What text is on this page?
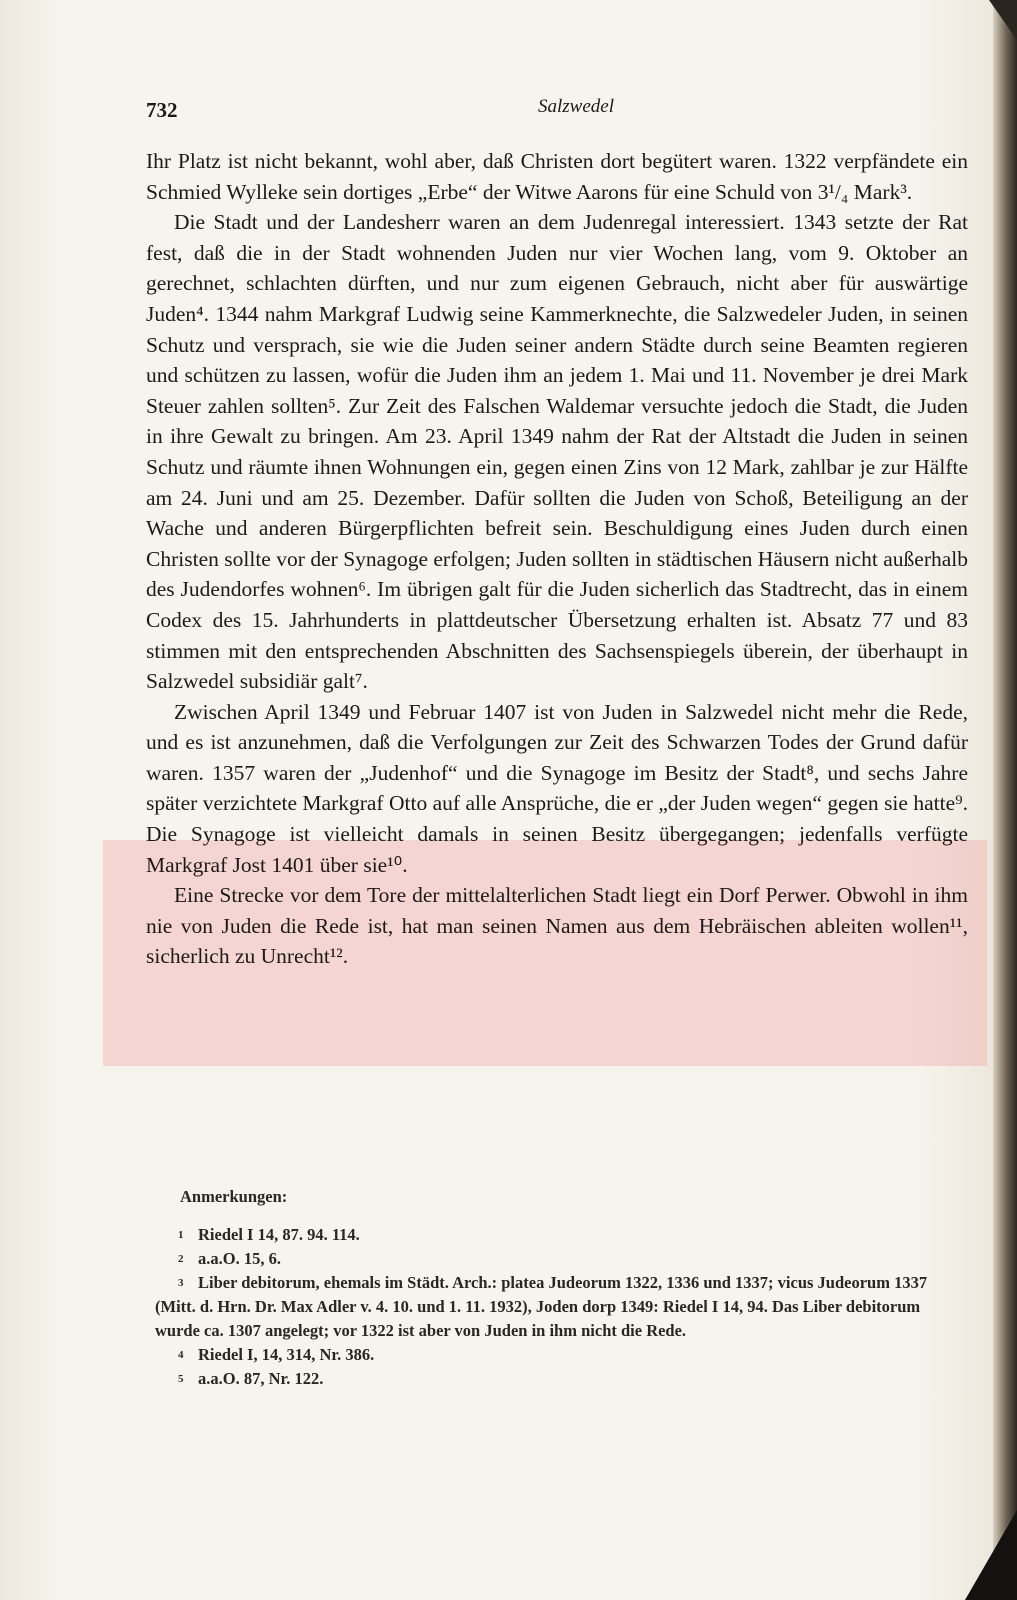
732	Salzwedel

Ihr Platz ist nicht bekannt, wohl aber, daß Christen dort begütert waren. 1322 verpfändete ein Schmied Wylleke sein dortiges „Erbe“ der Witwe Aarons für eine Schuld von 3¹/₄ Mark³.

Die Stadt und der Landesherr waren an dem Judenregal interessiert. 1343 setzte der Rat fest, daß die in der Stadt wohnenden Juden nur vier Wochen lang, vom 9. Oktober an gerechnet, schlachten dürften, und nur zum eigenen Gebrauch, nicht aber für auswärtige Juden⁴. 1344 nahm Markgraf Ludwig seine Kammerknechte, die Salzwedeler Juden, in seinen Schutz und versprach, sie wie die Juden seiner andern Städte durch seine Beamten regieren und schützen zu lassen, wofür die Juden ihm an jedem 1. Mai und 11. November je drei Mark Steuer zahlen sollten⁵. Zur Zeit des Falschen Waldemar versuchte jedoch die Stadt, die Juden in ihre Gewalt zu bringen. Am 23. April 1349 nahm der Rat der Altstadt die Juden in seinen Schutz und räumte ihnen Wohnungen ein, gegen einen Zins von 12 Mark, zahlbar je zur Hälfte am 24. Juni und am 25. Dezember. Dafür sollten die Juden von Schoß, Beteiligung an der Wache und anderen Bürgerpflichten befreit sein. Beschuldigung eines Juden durch einen Christen sollte vor der Synagoge erfolgen; Juden sollten in städtischen Häusern nicht außerhalb des Judendorfes wohnen⁶. Im übrigen galt für die Juden sicherlich das Stadtrecht, das in einem Codex des 15. Jahrhunderts in plattdeutscher Übersetzung erhalten ist. Absatz 77 und 83 stimmen mit den entsprechenden Abschnitten des Sachsenspiegels überein, der überhaupt in Salzwedel subsidiär galt⁷.

Zwischen April 1349 und Februar 1407 ist von Juden in Salzwedel nicht mehr die Rede, und es ist anzunehmen, daß die Verfolgungen zur Zeit des Schwarzen Todes der Grund dafür waren. 1357 waren der „Judenhof“ und die Synagoge im Besitz der Stadt⁸, und sechs Jahre später verzichtete Markgraf Otto auf alle Ansprüche, die er „der Juden wegen“ gegen sie hatte⁹. Die Synagoge ist vielleicht damals in seinen Besitz übergegangen; jedenfalls verfügte Markgraf Jost 1401 über sie¹⁰.

Eine Strecke vor dem Tore der mittelalterlichen Stadt liegt ein Dorf Perwer. Obwohl in ihm nie von Juden die Rede ist, hat man seinen Namen aus dem Hebräischen ableiten wollen¹¹, sicherlich zu Unrecht¹².

Anmerkungen:

1 Riedel I 14, 87. 94. 114.

2 a.a.O. 15, 6.

3 Liber debitorum, ehemals im Städt. Arch.: platea Judeorum 1322, 1336 und 1337; vicus Judeorum 1337 (Mitt. d. Hrn. Dr. Max Adler v. 4. 10. und 1. 11. 1932), Joden dorp 1349: Riedel I 14, 94. Das Liber debitorum wurde ca. 1307 angelegt; vor 1322 ist aber von Juden in ihm nicht die Rede.

4 Riedel I, 14, 314, Nr. 386.

5 a.a.O. 87, Nr. 122.
